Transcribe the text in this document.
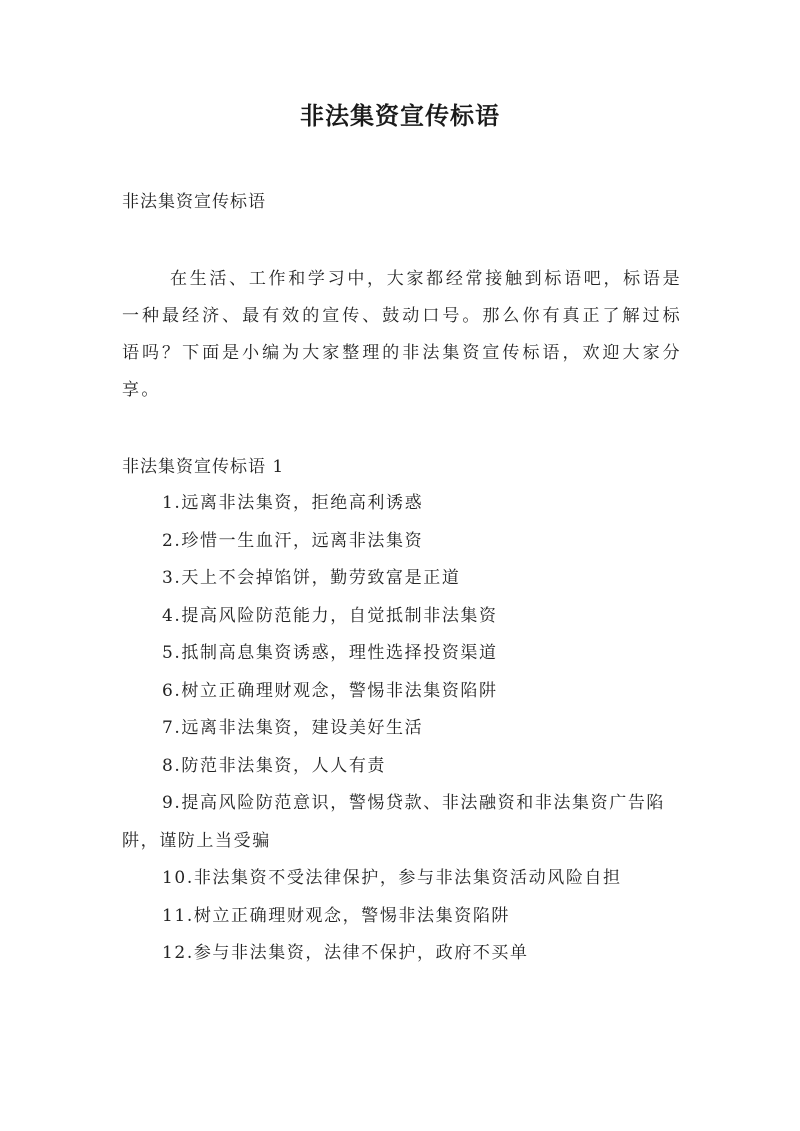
非法集资宣传标语
非法集资宣传标语

在生活、工作和学习中，大家都经常接触到标语吧，标语是一种最经济、最有效的宣传、鼓动口号。那么你有真正了解过标语吗？下面是小编为大家整理的非法集资宣传标语，欢迎大家分享。

非法集资宣传标语 1
1.远离非法集资，拒绝高利诱惑
2.珍惜一生血汗，远离非法集资
3.天上不会掉馅饼，勤劳致富是正道
4.提高风险防范能力，自觉抵制非法集资
5.抵制高息集资诱惑，理性选择投资渠道
6.树立正确理财观念，警惕非法集资陷阱
7.远离非法集资，建设美好生活
8.防范非法集资，人人有责
9.提高风险防范意识，警惕贷款、非法融资和非法集资广告陷阱，谨防上当受骗
10.非法集资不受法律保护，参与非法集资活动风险自担
11.树立正确理财观念，警惕非法集资陷阱
12.参与非法集资，法律不保护，政府不买单
